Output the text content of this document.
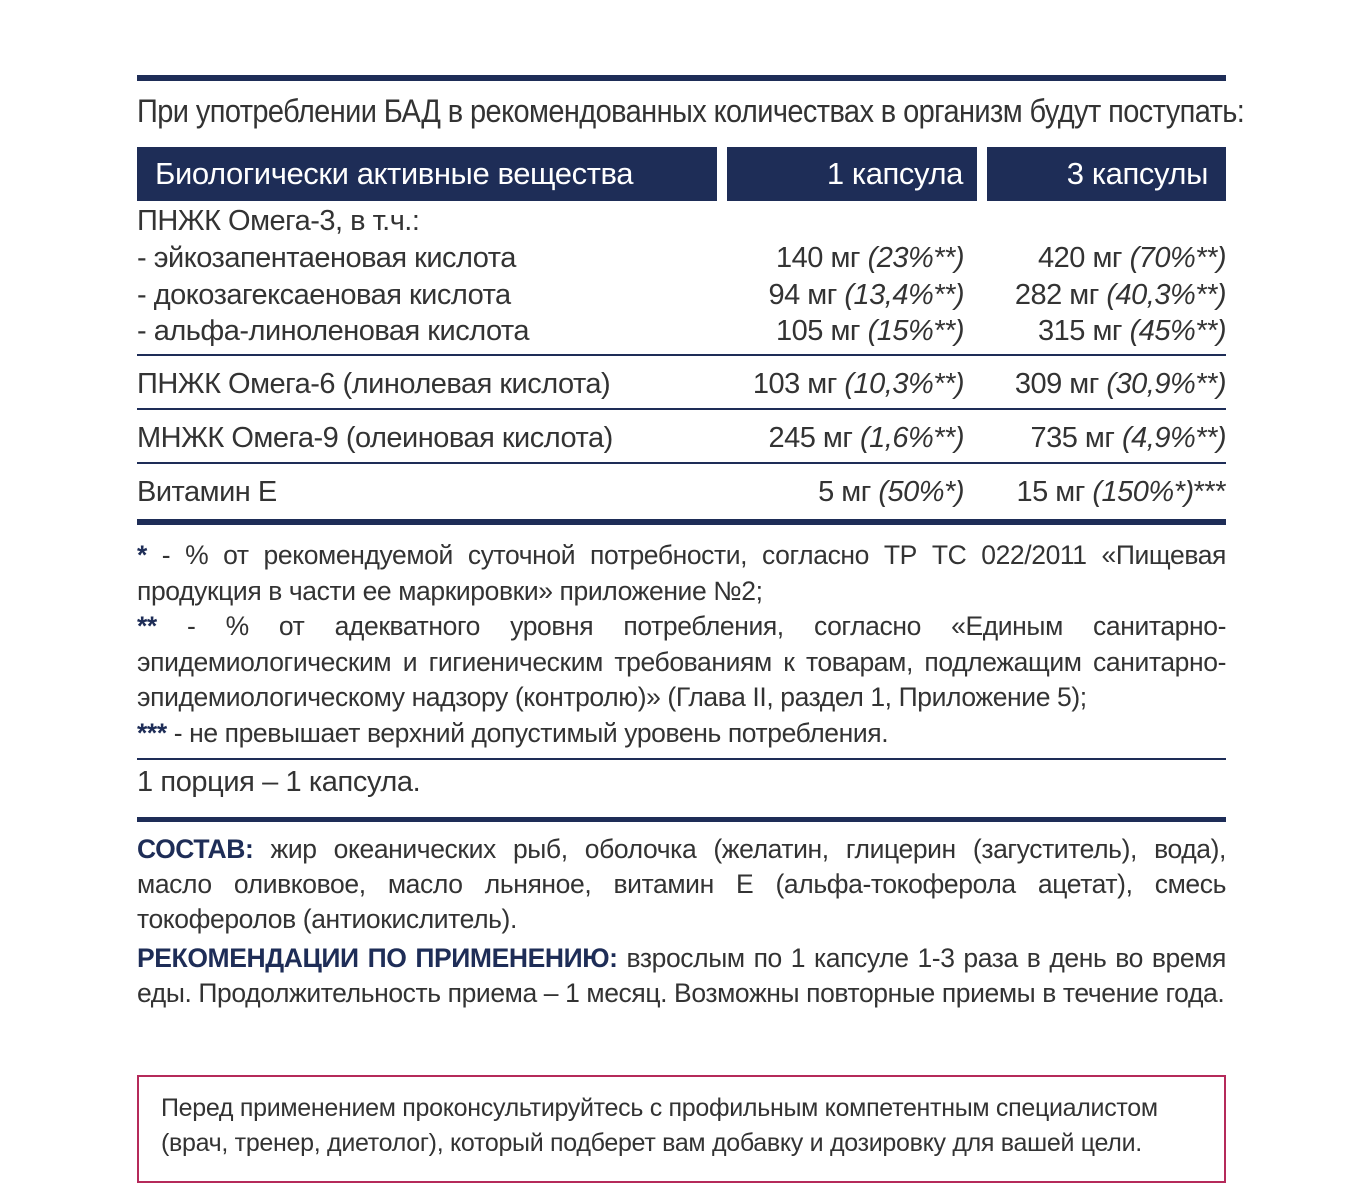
При употреблении БАД в рекомендованных количествах в организм будут поступать:
Биологически активные вещества	1 капсула	3 капсулы
ПНЖК Омега-3, в т.ч.:
- эйкозапентаеновая кислота	140 мг (23%**)	420 мг (70%**)
- докозагексаеновая кислота	94 мг (13,4%**) 282 мг (40,3%**)
- альфа-линоленовая кислота	105 мг (15%**)	315 мг (45%**)
ПНЖК Омега-6 (линолевая кислота)	103 мг (10,3%**) 309 мг (30,9%**)
МНЖК Омега-9 (олеиновая кислота)	245 мг (1,6%**) 735 мг (4,9%**)
Витамин Е	5 мг (50%*) 15 мг (150%*)***

* - % от рекомендуемой суточной потребности, согласно ТР ТС 022/2011 «Пищевая продукция в части ее маркировки» приложение №2;

** - % от адекватного уровня потребления, согласно «Единым санитарно-эпидемиологическим и гигиеническим требованиям к товарам, подлежащим санитарно-эпидемиологическому надзору (контролю)» (Глава II, раздел 1, Приложение 5);

*** - не превышает верхний допустимый уровень потребления.

1 порция – 1 капсула.

СОСТАВ: жир океанических рыб, оболочка (желатин, глицерин (загуститель), вода), масло оливковое, масло льняное, витамин Е (альфа-токоферола ацетат), смесь токоферолов (антиокислитель).

РЕКОМЕНДАЦИИ ПО ПРИМЕНЕНИЮ: взрослым по 1 капсуле 1-3 раза в день во время еды. Продолжительность приема – 1 месяц. Возможны повторные приемы в течение года.

Перед применением проконсультируйтесь с профильным компетентным специалистом (врач, тренер, диетолог), который подберет вам добавку и дозировку для вашей цели.
